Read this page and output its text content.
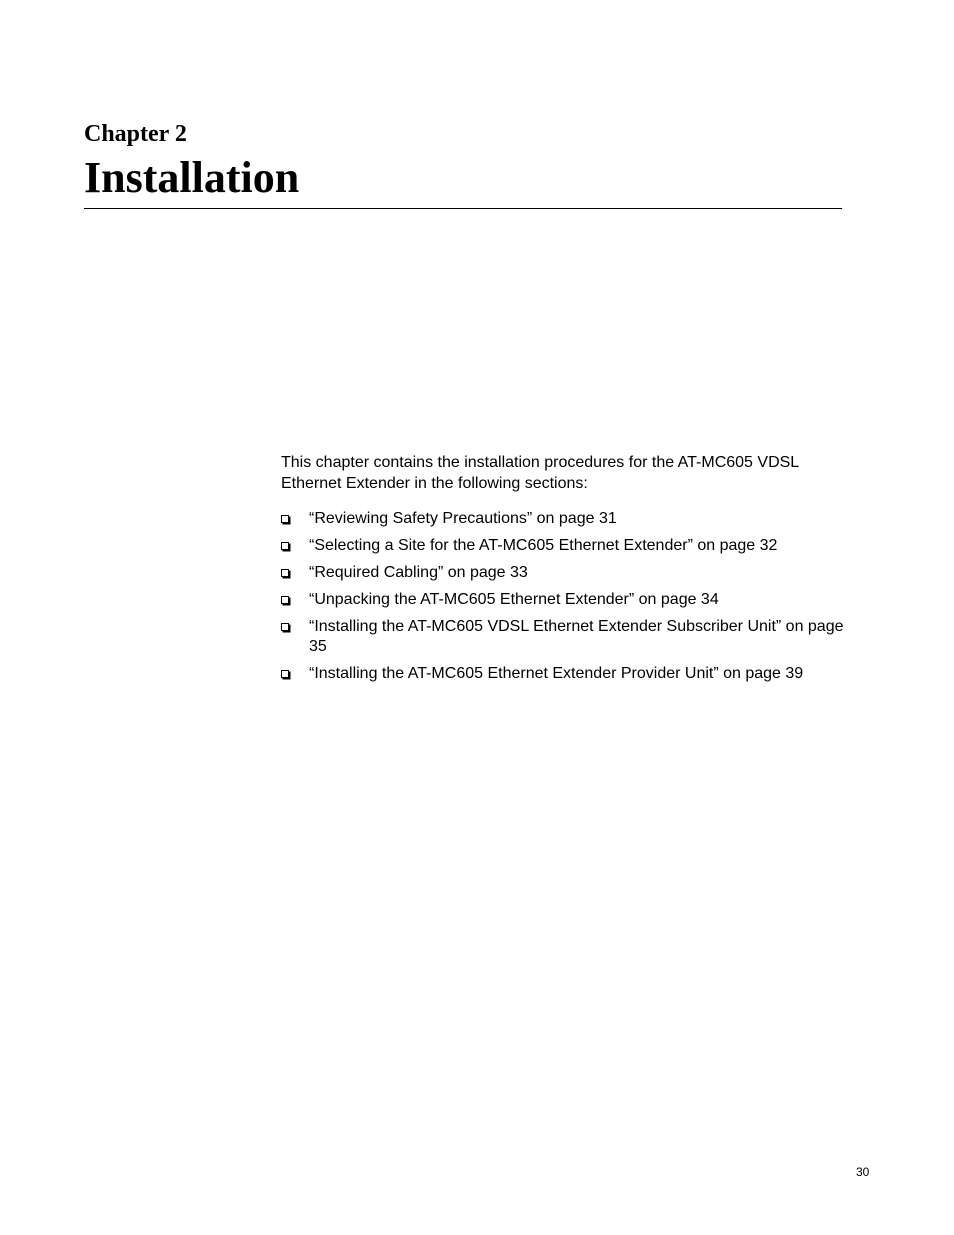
Chapter 2
Installation

This chapter contains the installation procedures for the AT-MC605 VDSL Ethernet Extender in the following sections:

“Reviewing Safety Precautions” on page 31
“Selecting a Site for the AT-MC605 Ethernet Extender” on page 32
“Required Cabling” on page 33
“Unpacking the AT-MC605 Ethernet Extender” on page 34
“Installing the AT-MC605 VDSL Ethernet Extender Subscriber Unit” on page 35
“Installing the AT-MC605 Ethernet Extender Provider Unit” on page 39
30
